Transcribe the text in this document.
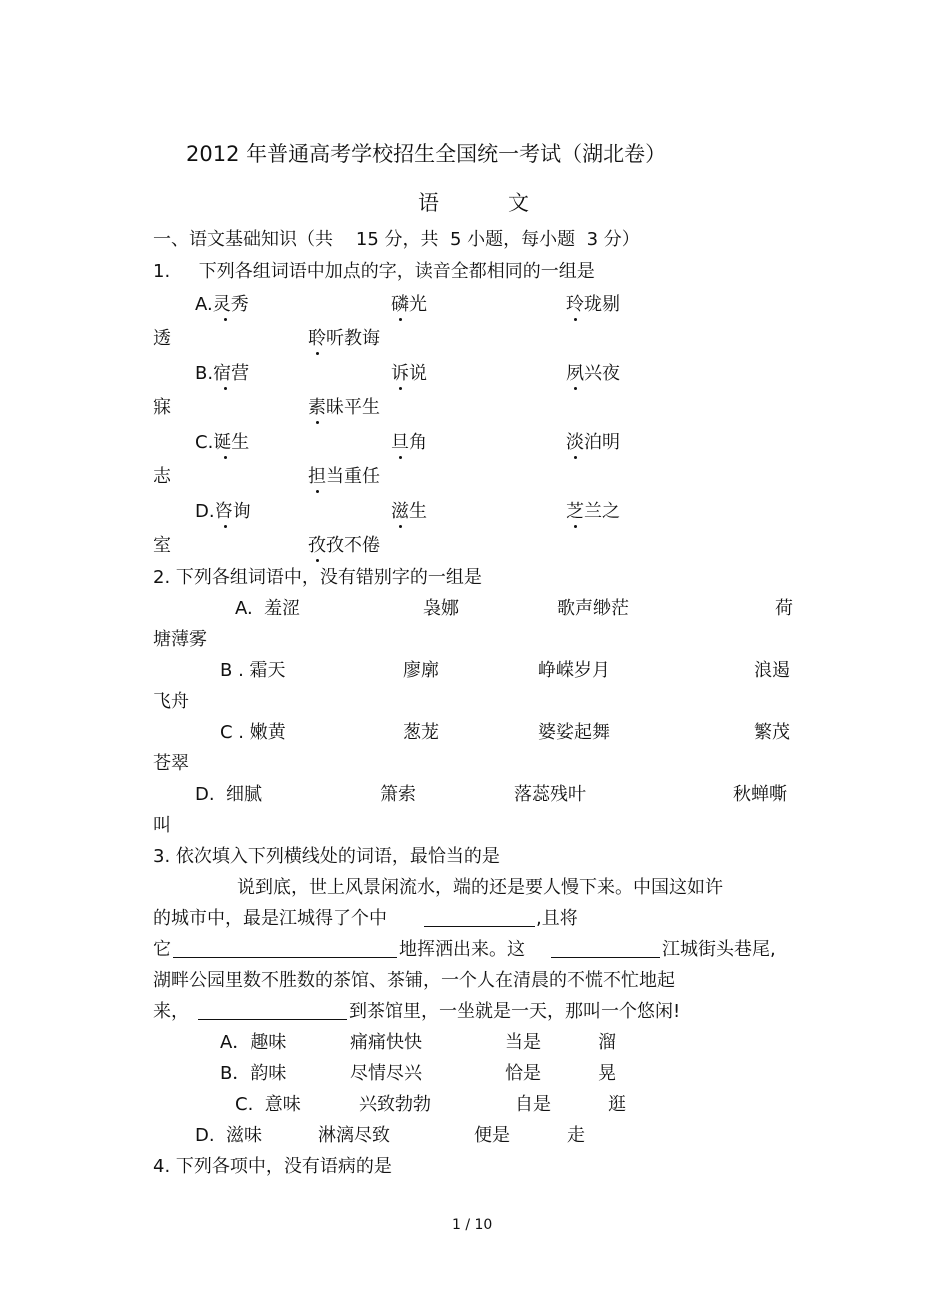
2012 年普通高考学校招生全国统一考试（湖北卷）
语	文
一、语文基础知识（共    15 分，共  5 小题，每小题  3 分）
1.     下列各组词语中加点的字，读音全都相同的一组是
A.灵秀	磷光	玲珑剔
透	聆听教诲
B.宿营	诉说	夙兴夜
寐	素昧平生
C.诞生	旦角	淡泊明
志	担当重任
D.咨询	滋生	芝兰之
室	孜孜不倦
2. 下列各组词语中，没有错别字的一组是
A.  羞涩	袅娜	歌声缈茫	荷
塘薄雾
B . 霜天	廖廓	峥嵘岁月	浪遏
飞舟
C . 嫩黄	葱茏	婆娑起舞	繁茂
苍翠
D.  细腻	箫索	落蕊残叶	秋蝉嘶
叫
3. 依次填入下列横线处的词语，最恰当的是
说到底，世上风景闲流水，端的还是要人慢下来。中国这如许
的城市中，最是江城得了个中	,且将
它	地挥洒出来。这	江城街头巷尾,
湖畔公园里数不胜数的茶馆、茶铺，一个人在清晨的不慌不忙地起
来，	到茶馆里，一坐就是一天，那叫一个悠闲!
A．趣味	痛痛快快	当是	溜
B．韵味	尽情尽兴	恰是	晃
C.  意味	兴致勃勃	自是	逛
D.  滋味	淋漓尽致	便是	走
4. 下列各项中，没有语病的是
1 / 10
